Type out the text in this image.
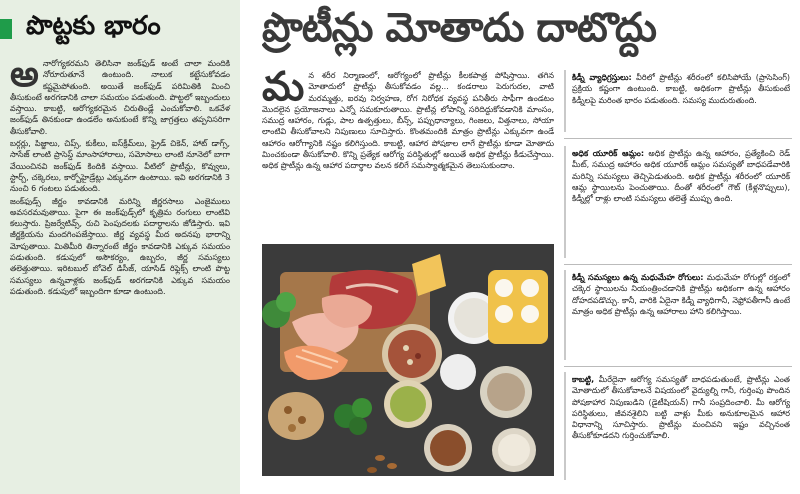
పొట్టకు భారం

అనారోగ్యకరమని తెలిసినా జంక్‌ఫుడ్ అంటే చాలా మందికి నోరూరుతూనే ఉంటుంది. నాలుక కట్టేసుకోవడం కష్టమైపోతుంది. అయితే జంక్‌ఫుడ్ పరిమితికి మించి తీసుకుంటే అరగడానికి చాలా సమయం పడుతుంది. పొట్టలో ఇబ్బందులు వస్తాయి. కాబట్టి, ఆరోగ్యకరమైన చిరుతిండ్లే ఎంచుకోవాలి. ఒకవేళ జంక్‌ఫుడ్ తినకుండా ఉండలేం అనుకుంటే కొన్ని జాగ్రత్తలు తప్పనిసరిగా తీసుకోవాలి.

బర్గర్లు, పిజ్జాలు, చిప్స్, కుకీలు, ఐస్‌క్రీమ్‌లు, ఫ్రైడ్ చికెన్, హాట్ డాగ్స్, సాసేజ్ లాంటి ప్రాసెస్డ్ మాంసాహారాలు, సమోసాలు లాంటి నూనెలో బాగా వేయించినవి జంక్‌ఫుడ్ కిందికి వస్తాయి. వీటిలో ప్రొటీన్లు, కొవ్వులు, స్టార్చ్, చక్కెరలు, కార్బోహైడ్రేట్లు ఎక్కువగా ఉంటాయి. ఇవి అరగడానికి 3 నుంచి 6 గంటలు పడుతుంది.

జంక్‌ఫుడ్స్ జీర్ణం కావడానికి మరిన్ని జీర్ణరసాలు ఎంజైములు అవసరమవుతాయి. పైగా ఈ జంక్‌ఫుడ్స్‌లో కృత్రిమ రంగులు లాంటివి కలుస్తారు. ప్రిజర్వేటివ్స్, రుచి పెంపుదలకు పదార్థాలను జోడిస్తారు. ఇవి జీర్ణక్రియను మందగింపజేస్తాయి. జీర్ణ వ్యవస్థ మీద అదనపు భారాన్ని మోపుతాయి. మితిమీరి తిన్నారంటే జీర్ణం కావడానికి ఎక్కువ సమయం పడుతుంది. కడుపులో అసౌకర్యం, ఉబ్బరం, జీర్ణ సమస్యలు తలెత్తుతాయి. ఇరిటబుల్ బోవెల్ డిసీజ్, యాసిడ్ రిఫ్లెక్స్ లాంటి పొట్ట సమస్యలు ఉన్నవాళ్లకు జంక్‌ఫుడ్ అరగడానికి ఎక్కువ సమయం పడుతుంది. కడుపులో ఇబ్బందిగా కూడా ఉంటుంది.

ప్రొటీన్లు మోతాదు దాటొద్దు
మన శరీర నిర్మాణంలో, ఆరోగ్యంలో ప్రొటీన్లు కీలకపాత్ర పోషిస్తాయి. తగిన మోతాదులో ప్రొటీన్లు తీసుకోవడం వల్ల... కండరాలు పెరుగుదల, వాటి మరమ్మత్తు, ఐరవు నిర్వహణ, రోగ నిరోధక వ్యవస్థ పనితీరు సాఫీగా ఉండటం మొదలైన ప్రయోజనాలు ఎన్నో సమకూరుతాయి. ప్రొటీన్ల లోపాన్ని సరిదిద్దుకోవడానికి మాంసం, సముద్ర ఆహారం, గుడ్లు, పాల ఉత్పత్తులు, బీన్స్, పప్పుధాన్యాలు, గింజలు, విత్తనాలు, సోయా లాంటివి తీసుకోవాలని నిపుణులు సూచిస్తారు. కొంతమందికి మాత్రం ప్రొటీన్లు ఎక్కువగా ఉండే ఆహారం ఆరోగ్యానికి నష్టం కలిగిస్తుంది. కాబట్టి, ఆహార పోషకాల లాగే ప్రొటీన్లు కూడా మోతాదు మించకుండా తీసుకోవాలి. కొన్ని ప్రత్యేక ఆరోగ్య పరిస్థితుల్లో అయితే అధిక ప్రొటీన్లు కీడుచేస్తాయి. అధిక ప్రొటీన్లు ఉన్న ఆహార పదార్థాల వలన కలిగే సమస్యాత్మకమైన తెలుసుకుందాం.
కిడ్నీ వ్యాధిగ్రస్తులు: వీరిలో ప్రొటీన్లు శరీరంలో కలిసిపోయే (ప్రాసెసింగ్) ప్రక్రియ కష్టంగా ఉంటుంది. కాబట్టి, అధికంగా ప్రొటీన్లు తీసుకుంటే కిడ్నీలపై మరింత భారం పడుతుంది. సమస్య ముదురుతుంది.
అధిక యూరిక్ ఆమ్లం: అధిక ప్రొటీన్లు ఉన్న ఆహారం, ప్రత్యేకించి రెడ్ మీట్, సముద్ర ఆహారం అధిక యూరిక్ ఆమ్లం సమస్యతో బాధపడేవారికి మరిన్ని సమస్యలు తెచ్చిపెడుతుంది. అధిక ప్రొటీన్లు శరీరంలో యూరిక్ ఆమ్ల స్థాయిలను పెంచుతాయి. దీంతో శరీరంలో గౌట్ (కీళ్లనొప్పులు), కిడ్నీల్లో రాళ్లు లాంటి సమస్యలు తలెత్తే ముప్పు ఉంది.
కిడ్నీ సమస్యలు ఉన్న మధుమేహ రోగులు: మధుమేహ రోగుల్లో రక్తంలో చక్కెర స్థాయిలను నియంత్రించడానికి ప్రొటీన్లు అధికంగా ఉన్న ఆహారం దోహదపడొచ్చు. కానీ, వారికి ఏదైనా కిడ్నీ వ్యాధిగానీ, నెఫ్రోపతీగానీ ఉంటే మాత్రం అధిక ప్రొటీన్లు ఉన్న ఆహారాలు హాని కలిగిస్తాయి.
కాబట్టి, మీరేదైనా ఆరోగ్య సమస్యతో బాధపడుతుంటే, ప్రొటీన్లు ఎంత మోతాదులో తీసుకోవాలనే విషయంలో వైద్యుల్ని గానీ, గుర్తింపు పొందిన పోషకాహార నిపుణుడిని (డైటీషియన్) గానీ సంప్రదించాలి. మీ ఆరోగ్య పరిస్థితులు, జీవనశైలిని బట్టి వాళ్లు మీకు అనుకూలమైన ఆహార విధానాన్ని సూచిస్తారు. ప్రొటీన్లు మంచివని ఇష్టం వచ్చినంత తీసుకోకూడదని గుర్తించుకోవాలి.
